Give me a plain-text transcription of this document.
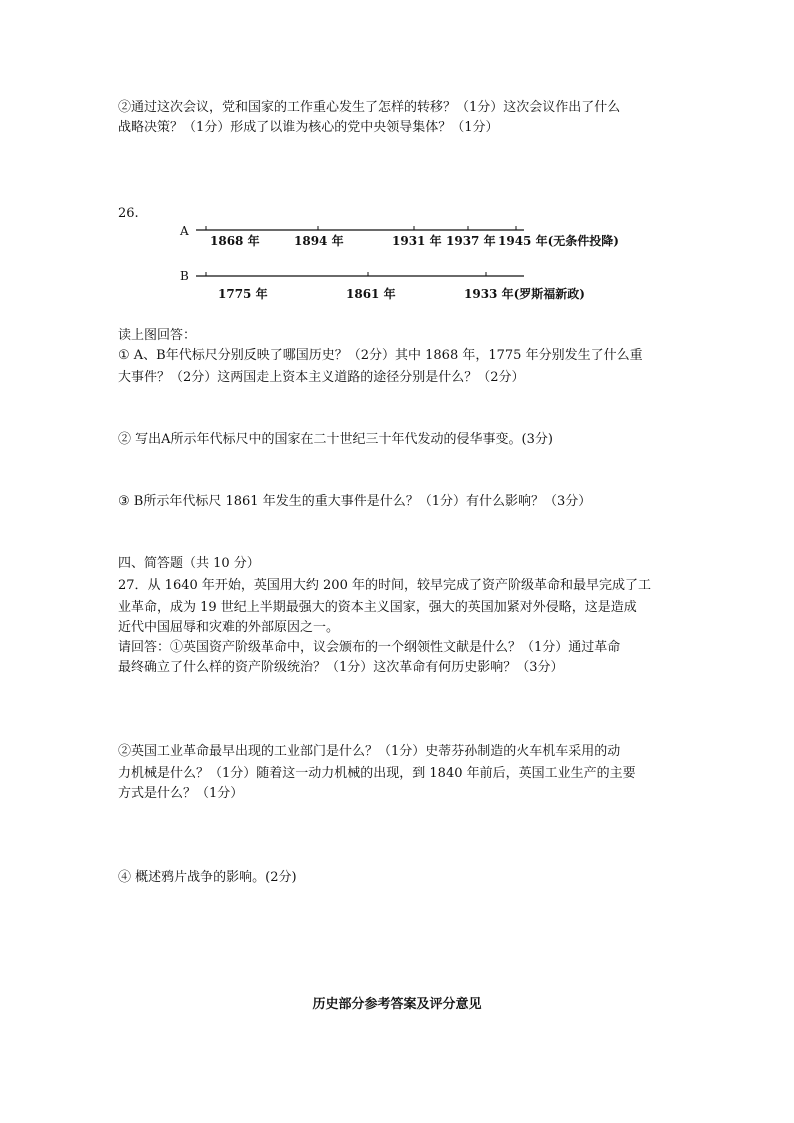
②通过这次会议，党和国家的工作重心发生了怎样的转移？（1分）这次会议作出了什么
战略决策？（1分）形成了以谁为核心的党中央领导集体？（1分）
26.
A
1868 年	1894 年	1931 年 1937 年 1945 年(无条件投降)
B
1775 年	1861 年	1933 年(罗斯福新政)
读上图回答：
① A、B年代标尺分别反映了哪国历史？（2分）其中 1868 年，1775 年分别发生了什么重
大事件？（2分）这两国走上资本主义道路的途径分别是什么？（2分）
② 写出A所示年代标尺中的国家在二十世纪三十年代发动的侵华事变。(3分)
③ B所示年代标尺 1861 年发生的重大事件是什么？（1分）有什么影响？（3分）
四、简答题（共 10 分）
27．从 1640 年开始，英国用大约 200 年的时间，较早完成了资产阶级革命和最早完成了工
业革命，成为 19 世纪上半期最强大的资本主义国家，强大的英国加紧对外侵略，这是造成
近代中国屈辱和灾难的外部原因之一。
请回答：①英国资产阶级革命中，议会颁布的一个纲领性文献是什么？（1分）通过革命
最终确立了什么样的资产阶级统治？（1分）这次革命有何历史影响？（3分）
②英国工业革命最早出现的工业部门是什么？（1分）史蒂芬孙制造的火车机车采用的动
力机械是什么？（1分）随着这一动力机械的出现，到 1840 年前后，英国工业生产的主要
方式是什么？（1分）
④ 概述鸦片战争的影响。(2分)
历史部分参考答案及评分意见
